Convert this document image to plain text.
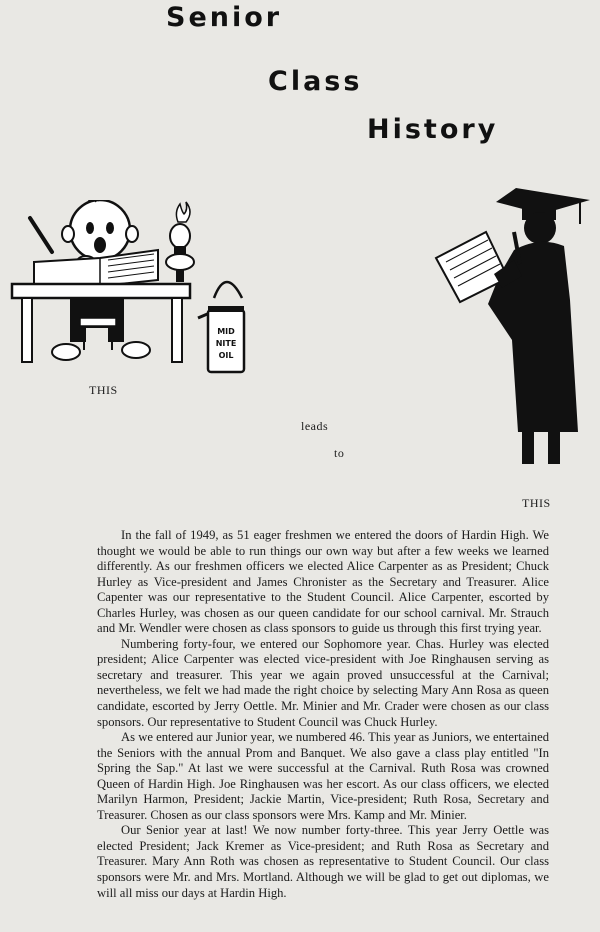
Senior
Class
History
MID
NITE
OIL
THIS
leads
to
THIS

In the fall of 1949, as 51 eager freshmen we entered the doors of Hardin High. We thought we would be able to run things our own way but after a few weeks we learned differently. As our freshmen officers we elected Alice Carpenter as as President; Chuck Hurley as Vice-president and James Chronister as the Secretary and Treasurer. Alice Capenter was our representative to the Student Council. Alice Carpenter, escorted by Charles Hurley, was chosen as our queen candidate for our school carnival. Mr. Strauch and Mr. Wendler were chosen as class sponsors to guide us through this first trying year.

Numbering forty-four, we entered our Sophomore year. Chas. Hurley was elected president; Alice Carpenter was elected vice-president with Joe Ringhausen serving as secretary and treasurer. This year we again proved unsuccessful at the Carnival; nevertheless, we felt we had made the right choice by selecting Mary Ann Rosa as queen candidate, escorted by Jerry Oettle. Mr. Minier and Mr. Crader were chosen as our class sponsors. Our representative to Student Council was Chuck Hurley.

As we entered aur Junior year, we numbered 46. This year as Juniors, we entertained the Seniors with the annual Prom and Banquet. We also gave a class play entitled "In Spring the Sap." At last we were successful at the Carnival. Ruth Rosa was crowned Queen of Hardin High. Joe Ringhausen was her escort. As our class officers, we elected Marilyn Harmon, President; Jackie Martin, Vice-president; Ruth Rosa, Secretary and Treasurer. Chosen as our class sponsors were Mrs. Kamp and Mr. Minier.

Our Senior year at last! We now number forty-three. This year Jerry Oettle was elected President; Jack Kremer as Vice-president; and Ruth Rosa as Secretary and Treasurer. Mary Ann Roth was chosen as representative to Student Council. Our class sponsors were Mr. and Mrs. Mortland. Although we will be glad to get out diplomas, we will all miss our days at Hardin High.
